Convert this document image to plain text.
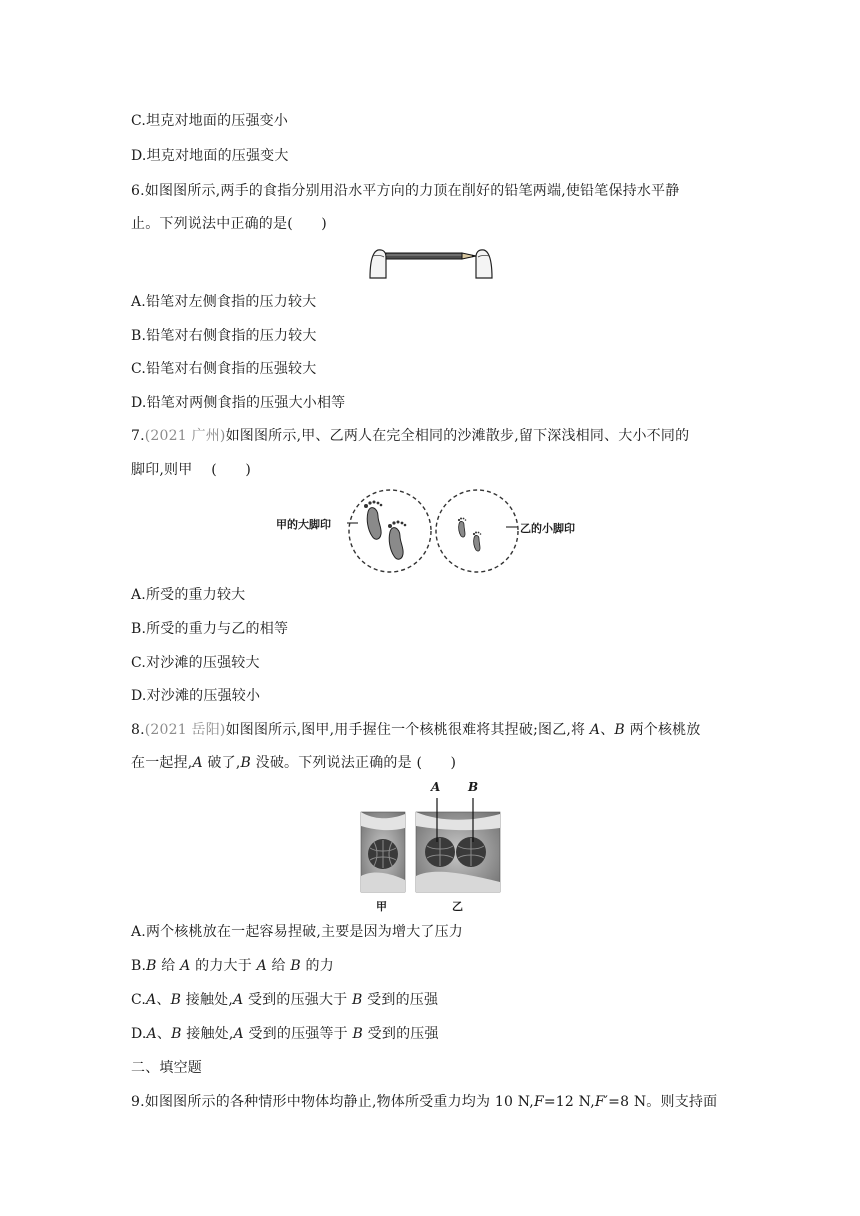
C.坦克对地面的压强变小
D.坦克对地面的压强变大
6.如图图所示,两手的食指分别用沿水平方向的力顶在削好的铅笔两端,使铅笔保持水平静
止。下列说法中正确的是(　　)
A.铅笔对左侧食指的压力较大
B.铅笔对右侧食指的压力较大
C.铅笔对右侧食指的压强较大
D.铅笔对两侧食指的压强大小相等
7.(2021 广州)如图图所示,甲、乙两人在完全相同的沙滩散步,留下深浅相同、大小不同的
脚印,则甲　 (　　)
甲的大脚印	乙的小脚印
A.所受的重力较大
B.所受的重力与乙的相等
C.对沙滩的压强较大
D.对沙滩的压强较小
8.(2021 岳阳)如图图所示,图甲,用手握住一个核桃很难将其捏破;图乙,将 A、B 两个核桃放
在一起捏,A 破了,B 没破。下列说法正确的是 (　　)
A B
甲	乙
A.两个核桃放在一起容易捏破,主要是因为增大了压力
B.B 给 A 的力大于 A 给 B 的力
C.A、B 接触处,A 受到的压强大于 B 受到的压强
D.A、B 接触处,A 受到的压强等于 B 受到的压强
二、填空题
9.如图图所示的各种情形中物体均静止,物体所受重力均为 10 N,F=12 N,F′=8 N。则支持面
